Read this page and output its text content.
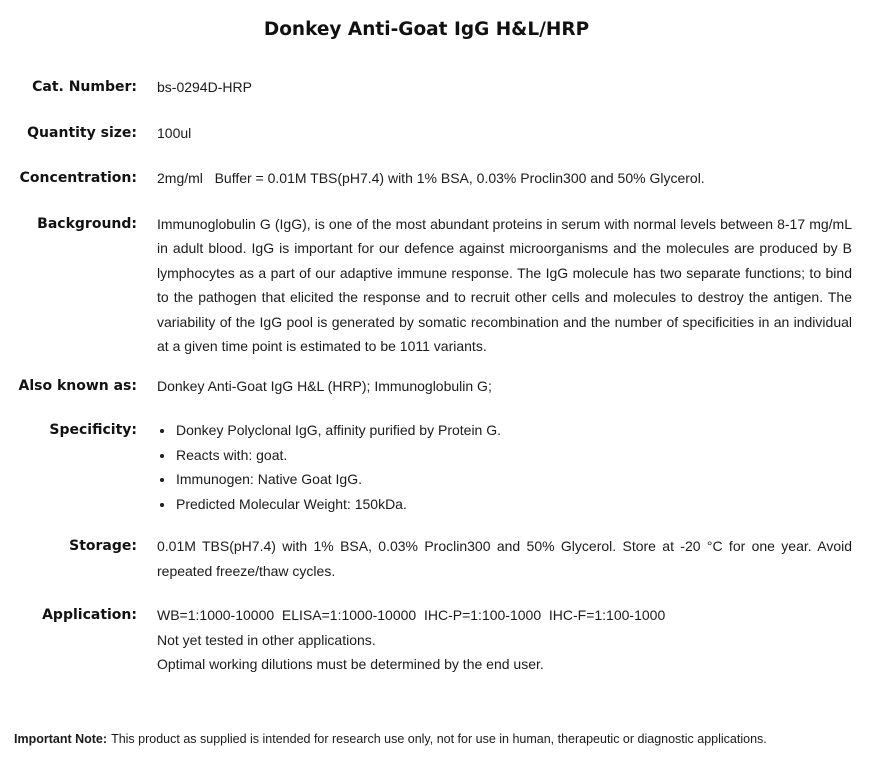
Donkey Anti-Goat IgG H&L/HRP
Cat. Number: bs-0294D-HRP
Quantity size: 100ul
Concentration: 2mg/ml   Buffer = 0.01M TBS(pH7.4) with 1% BSA, 0.03% Proclin300 and 50% Glycerol.
Background: Immunoglobulin G (IgG), is one of the most abundant proteins in serum with normal levels between 8-17 mg/mL in adult blood. IgG is important for our defence against microorganisms and the molecules are produced by B lymphocytes as a part of our adaptive immune response. The IgG molecule has two separate functions; to bind to the pathogen that elicited the response and to recruit other cells and molecules to destroy the antigen. The variability of the IgG pool is generated by somatic recombination and the number of specificities in an individual at a given time point is estimated to be 1011 variants.
Also known as: Donkey Anti-Goat IgG H&L (HRP); Immunoglobulin G;
Specificity:	• Donkey Polyclonal IgG, affinity purified by Protein G.
• Reacts with: goat.
• Immunogen: Native Goat IgG.
• Predicted Molecular Weight: 150kDa.
Storage: 0.01M TBS(pH7.4) with 1% BSA, 0.03% Proclin300 and 50% Glycerol. Store at -20 °C for one year. Avoid repeated freeze/thaw cycles.
Application: WB=1:1000-10000  ELISA=1:1000-10000  IHC-P=1:100-1000  IHC-F=1:100-1000
Not yet tested in other applications.
Optimal working dilutions must be determined by the end user.
Important Note: This product as supplied is intended for research use only, not for use in human, therapeutic or diagnostic applications.
